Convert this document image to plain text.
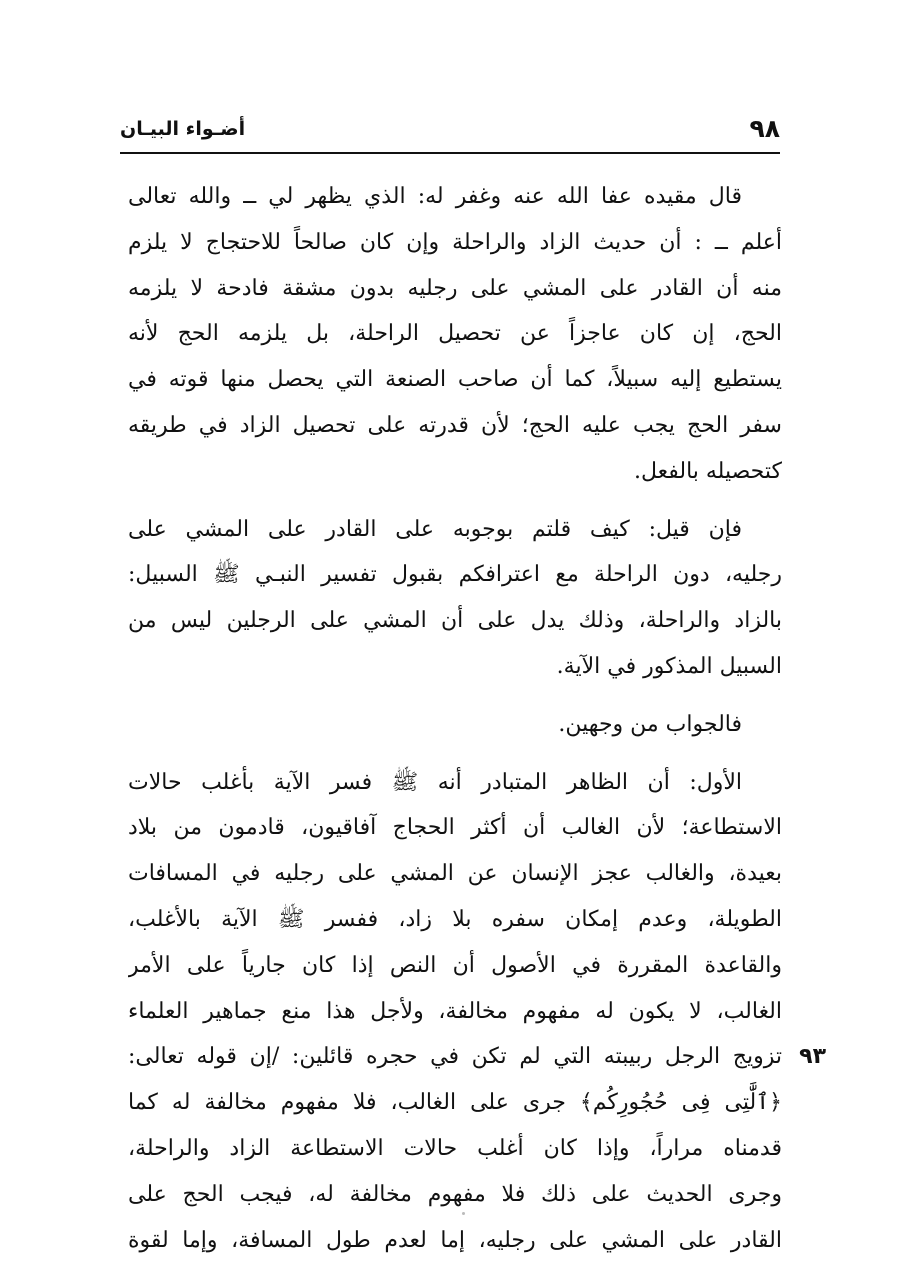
٩٨
أضـواء البيـان
قال مقيده عفا الله عنه وغفر له: الذي يظهر لي ــ والله تعالى
أعلم ــ : أن حديث الزاد والراحلة وإن كان صالحاً للاحتجاج لا يلزم
منه أن القادر على المشي على رجليه بدون مشقة فادحة لا يلزمه
الحج، إن كان عاجزاً عن تحصيل الراحلة، بل يلزمه الحج لأنه
يستطيع إليه سبيلاً، كما أن صاحب الصنعة التي يحصل منها قوته في
سفر الحج يجب عليه الحج؛ لأن قدرته على تحصيل الزاد في طريقه
كتحصيله بالفعل.
فإن قيل: كيف قلتم بوجوبه على القادر على المشي على
رجليه، دون الراحلة مع اعترافكم بقبول تفسير النبـي ﷺ السبيل:
بالزاد والراحلة، وذلك يدل على أن المشي على الرجلين ليس من
السبيل المذكور في الآية.
فالجواب من وجهين.
الأول: أن الظاهر المتبادر أنه ﷺ فسر الآية بأغلب حالات
الاستطاعة؛ لأن الغالب أن أكثر الحجاج آفاقيون، قادمون من بلاد
بعيدة، والغالب عجز الإنسان عن المشي على رجليه في المسافات
الطويلة، وعدم إمكان سفره بلا زاد، ففسر ﷺ الآية بالأغلب،
والقاعدة المقررة في الأصول أن النص إذا كان جارياً على الأمر
الغالب، لا يكون له مفهوم مخالفة، ولأجل هذا منع جماهير العلماء
تزويج الرجل ربيبته التي لم تكن في حجره قائلين: /إن قوله تعالى:
﴿ٱلَّٰتِى فِى حُجُورِكُم﴾ جرى على الغالب، فلا مفهوم مخالفة له كما
قدمناه مراراً، وإذا كان أغلب حالات الاستطاعة الزاد والراحلة،
وجرى الحديث على ذلك فلا مفهوم مخالفة له، فيجب الحج على
القادر على المشي على رجليه، إما لعدم طول المسافة، وإما لقوة
٩٣
